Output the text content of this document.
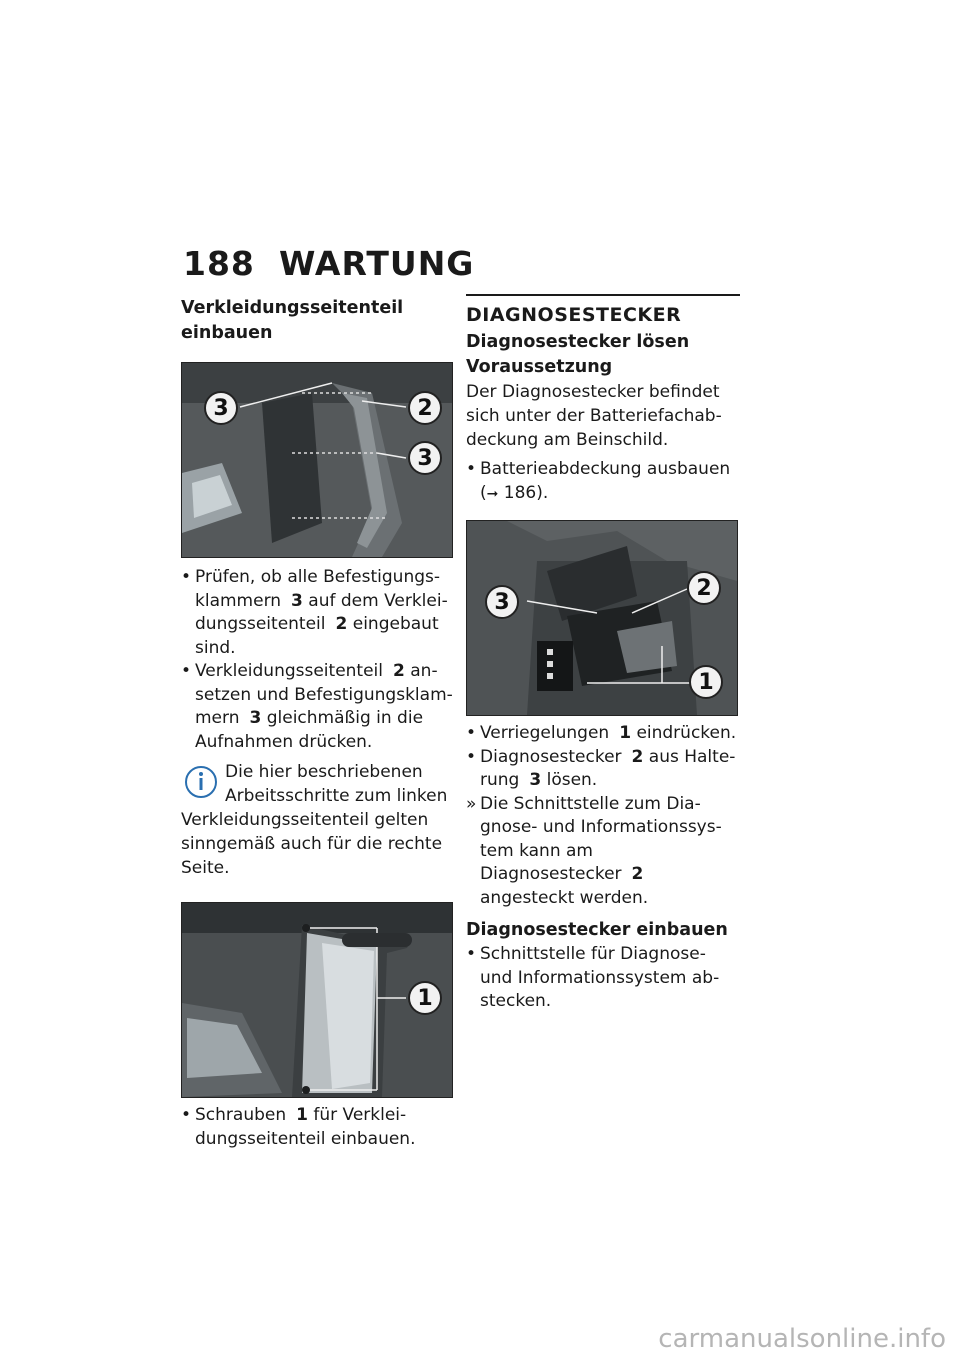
188 WARTUNG
Verkleidungsseitenteil einbauen
3	2
3
• Prüfen, ob alle Befestigungsklammern 3 auf dem Verkleidungsseitenteil 2 eingebaut sind.
• Verkleidungsseitenteil 2 ansetzen und Befestigungsklammern 3 gleichmäßig in die Aufnahmen drücken.
Die hier beschriebenen Arbeitsschritte zum linken
Verkleidungsseitenteil gelten sinngemäß auch für die rechte Seite.
1
• Schrauben 1 für Verkleidungsseitenteil einbauen.
DIAGNOSESTECKER
Diagnosestecker lösen
Voraussetzung
Der Diagnosestecker befindet sich unter der Batteriefachabdeckung am Beinschild.
• Batterieabdeckung ausbauen (➞ 186).
3
2
1
• Verriegelungen 1 eindrücken.
• Diagnosestecker 2 aus Halterung 3 lösen.
» Die Schnittstelle zum Diagnose- und Informationssystem kann am Diagnosestecker 2 angesteckt werden.
Diagnosestecker einbauen
• Schnittstelle für Diagnose- und Informationssystem abstecken.
carmanualsonline.info
